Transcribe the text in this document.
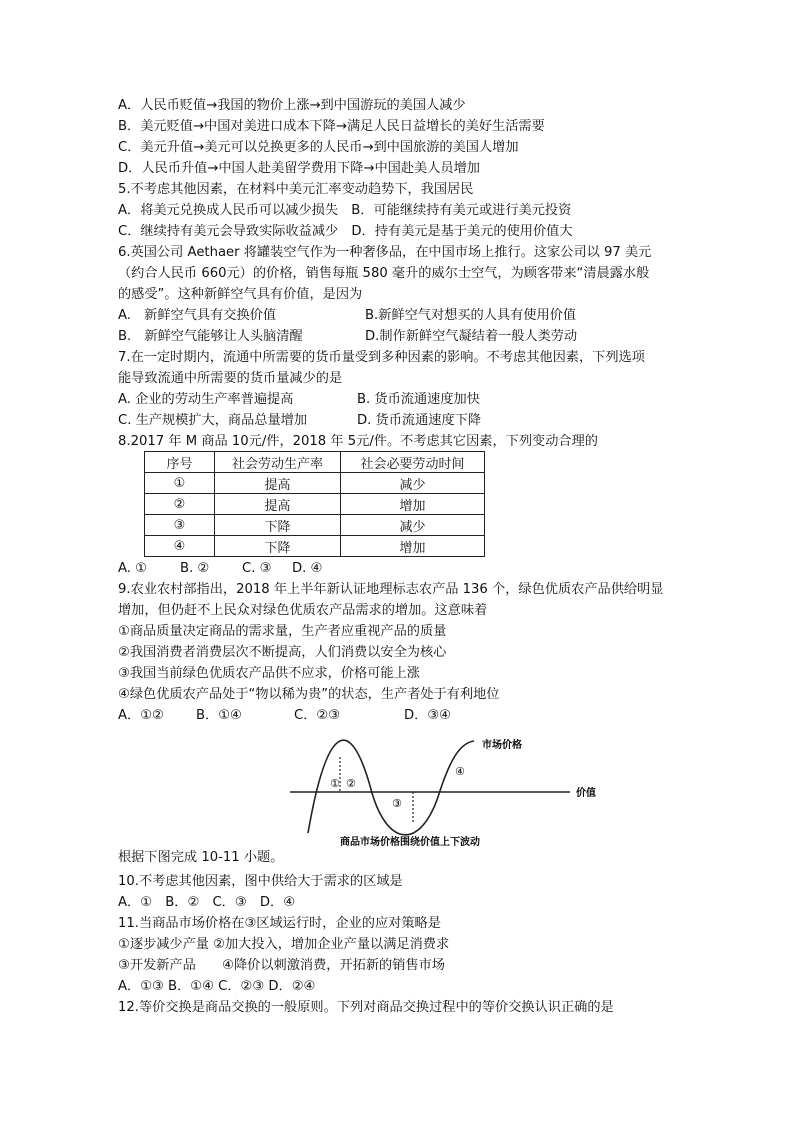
A．人民币贬值→我国的物价上涨→到中国游玩的美国人减少
B．美元贬值→中国对美进口成本下降→满足人民日益增长的美好生活需要
C．美元升值→美元可以兑换更多的人民币→到中国旅游的美国人增加
D．人民币升值→中国人赴美留学费用下降→中国赴美人员增加
5.不考虑其他因素，在材料中美元汇率变动趋势下，我国居民
A．将美元兑换成人民币可以减少损失　B．可能继续持有美元或进行美元投资
C．继续持有美元会导致实际收益减少　D．持有美元是基于美元的使用价值大
6.英国公司 Aethaer 将罐装空气作为一种奢侈品，在中国市场上推行。这家公司以 97 美元
（约合人民币 660元）的价格，销售每瓶 580 毫升的威尔士空气，为顾客带来“清晨露水般
的感受”。这种新鲜空气具有价值，是因为
A.　新鲜空气具有交换价值	B.新鲜空气对想买的人具有使用价值
B.　新鲜空气能够让人头脑清醒	D.制作新鲜空气凝结着一般人类劳动
7.在一定时期内，流通中所需要的货币量受到多种因素的影响。不考虑其他因素，下列选项
能导致流通中所需要的货币量减少的是
A. 企业的劳动生产率普遍提高	B. 货币流通速度加快
C. 生产规模扩大，商品总量增加	D. 货币流通速度下降
8.2017 年 M 商品 10元/件，2018 年 5元/件。不考虑其它因素，下列变动合理的
序号	社会劳动生产率	社会必要劳动时间
①	提高	减少
②	提高	增加
③	下降	减少
④	下降	增加
A. ①	B. ② C. ③ D. ④
9.农业农村部指出，2018 年上半年新认证地理标志农产品 136 个，绿色优质农产品供给明显
增加，但仍赶不上民众对绿色优质农产品需求的增加。这意味着
①商品质量决定商品的需求量，生产者应重视产品的质量
②我国消费者消费层次不断提高，人们消费以安全为核心
③我国当前绿色优质农产品供不应求，价格可能上涨
④绿色优质农产品处于“物以稀为贵”的状态，生产者处于有利地位
A．①② B．①④	C．②③	D．③④
① ②
③
④
市场价格
价值
商品市场价格围绕价值上下波动
根据下图完成 10-11 小题。
10.不考虑其他因素，图中供给大于需求的区域是
A．①　B．②　C．③　D．④
11.当商品市场价格在③区域运行时，企业的应对策略是
①逐步减少产量 ②加大投入，增加企业产量以满足消费求
③开发新产品　　④降价以刺激消费，开拓新的销售市场
A．①③ B．①④ C．②③ D．②④
12.等价交换是商品交换的一般原则。下列对商品交换过程中的等价交换认识正确的是
